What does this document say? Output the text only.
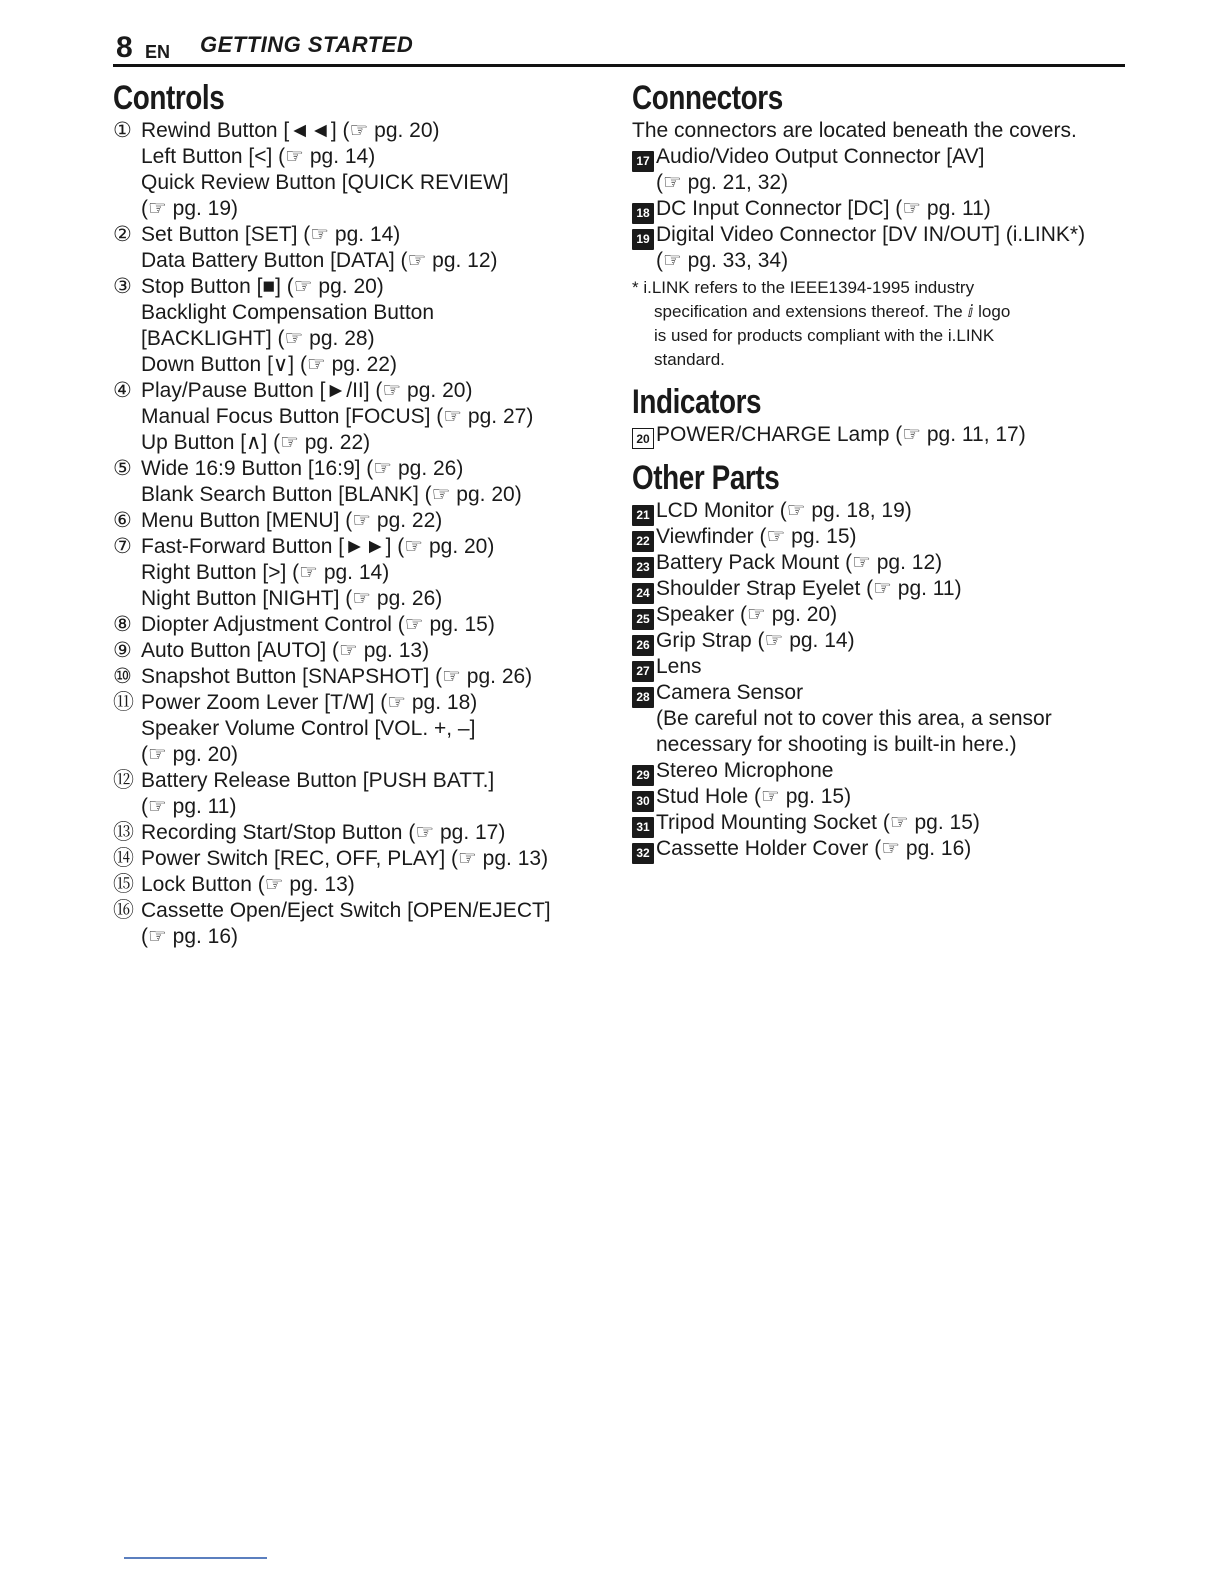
8 EN GETTING STARTED
Controls
① Rewind Button [◄◄] (☞ pg. 20)
Left Button [<] (☞ pg. 14)
Quick Review Button [QUICK REVIEW]
(☞ pg. 19)
② Set Button [SET] (☞ pg. 14)
Data Battery Button [DATA] (☞ pg. 12)
③ Stop Button [■] (☞ pg. 20)
Backlight Compensation Button
[BACKLIGHT] (☞ pg. 28)
Down Button [∨] (☞ pg. 22)
④ Play/Pause Button [►/II] (☞ pg. 20)
Manual Focus Button [FOCUS] (☞ pg. 27)
Up Button [∧] (☞ pg. 22)
⑤ Wide 16:9 Button [16:9] (☞ pg. 26)
Blank Search Button [BLANK] (☞ pg. 20)
⑥ Menu Button [MENU] (☞ pg. 22)
⑦ Fast-Forward Button [►►] (☞ pg. 20)
Right Button [>] (☞ pg. 14)
Night Button [NIGHT] (☞ pg. 26)
⑧ Diopter Adjustment Control (☞ pg. 15)
⑨ Auto Button [AUTO] (☞ pg. 13)
⑩ Snapshot Button [SNAPSHOT] (☞ pg. 26)
⑪ Power Zoom Lever [T/W] (☞ pg. 18)
Speaker Volume Control [VOL. +, –]
(☞ pg. 20)
⑫ Battery Release Button [PUSH BATT.]
(☞ pg. 11)
⑬ Recording Start/Stop Button (☞ pg. 17)
⑭ Power Switch [REC, OFF, PLAY] (☞ pg. 13)
⑮ Lock Button (☞ pg. 13)
⑯ Cassette Open/Eject Switch [OPEN/EJECT]
(☞ pg. 16)
Connectors
The connectors are located beneath the covers.
17 Audio/Video Output Connector [AV]
(☞ pg. 21, 32)
18 DC Input Connector [DC] (☞ pg. 11)
19 Digital Video Connector [DV IN/OUT] (i.LINK*)
(☞ pg. 33, 34)
* i.LINK refers to the IEEE1394-1995 industry
specification and extensions thereof. The ⅈ logo
is used for products compliant with the i.LINK
standard.
Indicators
20 POWER/CHARGE Lamp (☞ pg. 11, 17)
Other Parts
21 LCD Monitor (☞ pg. 18, 19)
22 Viewfinder (☞ pg. 15)
23 Battery Pack Mount (☞ pg. 12)
24 Shoulder Strap Eyelet (☞ pg. 11)
25 Speaker (☞ pg. 20)
26 Grip Strap (☞ pg. 14)
27 Lens
28 Camera Sensor
(Be careful not to cover this area, a sensor
necessary for shooting is built-in here.)
29 Stereo Microphone
30 Stud Hole (☞ pg. 15)
31 Tripod Mounting Socket (☞ pg. 15)
32 Cassette Holder Cover (☞ pg. 16)
